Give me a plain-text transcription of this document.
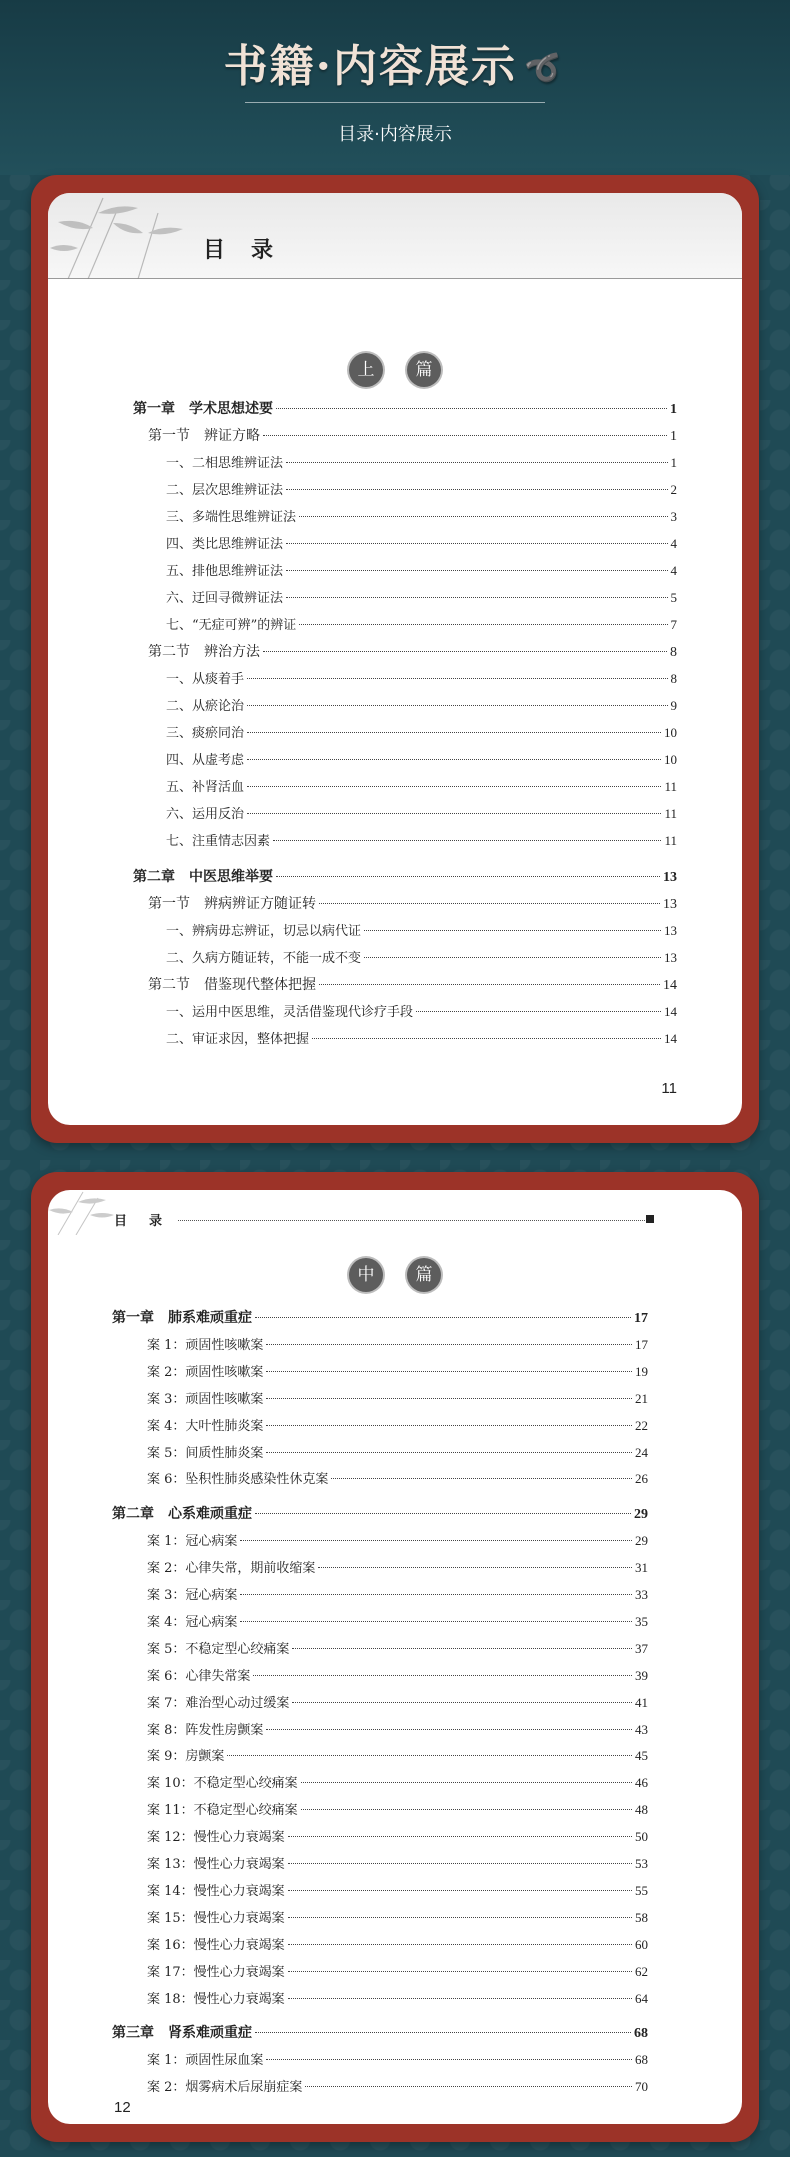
书籍·内容展示 ➰
目录·内容展示
目录
上 篇
第一章　学术思想述要	1
第一节　辨证方略	1
一、二相思维辨证法	1
二、层次思维辨证法	2
三、多端性思维辨证法	3
四、类比思维辨证法	4
五、排他思维辨证法	4
六、迂回寻微辨证法	5
七、“无症可辨”的辨证	7
第二节　辨治方法	8
一、从痰着手	8
二、从瘀论治	9
三、痰瘀同治	10
四、从虚考虑	10
五、补肾活血	11
六、运用反治	11
七、注重情志因素	11
第二章　中医思维举要	13
第一节　辨病辨证方随证转	13
一、辨病毋忘辨证，切忌以病代证	13
二、久病方随证转，不能一成不变	13
第二节　借鉴现代整体把握	14
一、运用中医思维，灵活借鉴现代诊疗手段	14
二、审证求因，整体把握	14
11
目录
中 篇
第一章　肺系难顽重症	17
案 1：顽固性咳嗽案	17
案 2：顽固性咳嗽案	19
案 3：顽固性咳嗽案	21
案 4：大叶性肺炎案	22
案 5：间质性肺炎案	24
案 6：坠积性肺炎感染性休克案	26
第二章　心系难顽重症	29
案 1：冠心病案	29
案 2：心律失常，期前收缩案	31
案 3：冠心病案	33
案 4：冠心病案	35
案 5：不稳定型心绞痛案	37
案 6：心律失常案	39
案 7：难治型心动过缓案	41
案 8：阵发性房颤案	43
案 9：房颤案	45
案 10：不稳定型心绞痛案	46
案 11：不稳定型心绞痛案	48
案 12：慢性心力衰竭案	50
案 13：慢性心力衰竭案	53
案 14：慢性心力衰竭案	55
案 15：慢性心力衰竭案	58
案 16：慢性心力衰竭案	60
案 17：慢性心力衰竭案	62
案 18：慢性心力衰竭案	64
第三章　肾系难顽重症	68
案 1：顽固性尿血案	68
案 2：烟雾病术后尿崩症案	70
12
